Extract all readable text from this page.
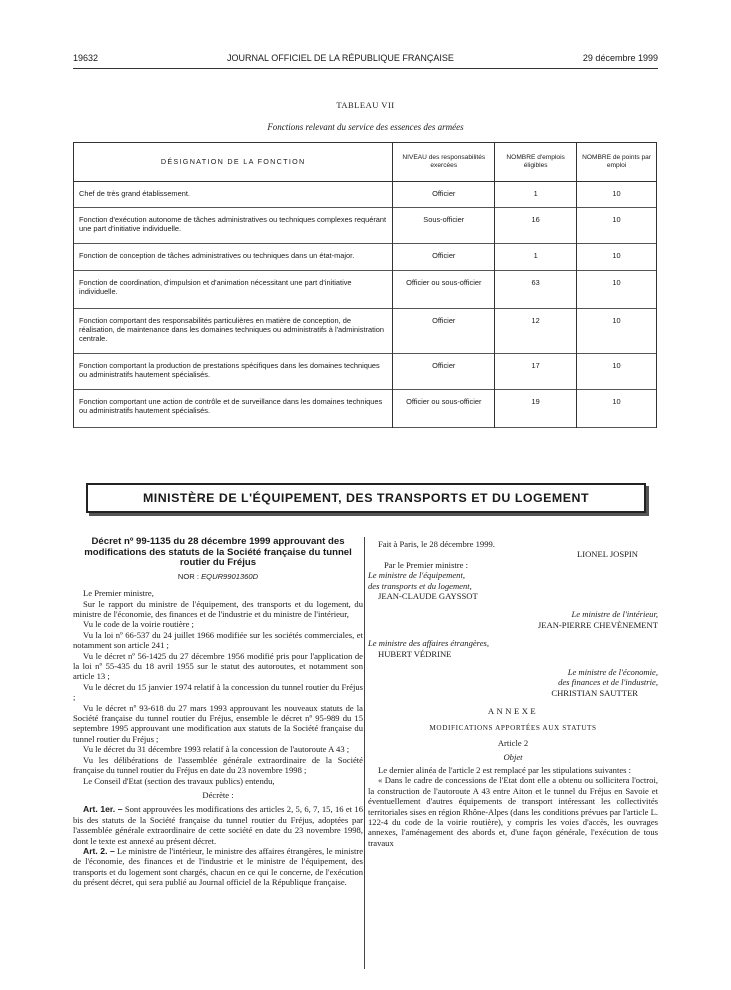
19632	JOURNAL OFFICIEL DE LA RÉPUBLIQUE FRANÇAISE	29 décembre 1999
TABLEAU VII
Fonctions relevant du service des essences des armées
DÉSIGNATION DE LA FONCTION	NIVEAU des responsabilités exercées	NOMBRE d'emplois éligibles	NOMBRE de points par emploi
Chef de très grand établissement.	Officier	1	10
Fonction d'exécution autonome de tâches administratives ou techniques complexes requérant une part d'initiative individuelle.	Sous-officier	16	10
Fonction de conception de tâches administratives ou techniques dans un état-major.	Officier	1	10
Fonction de coordination, d'impulsion et d'animation nécessitant une part d'initiative individuelle.	Officier ou sous-officier	63	10
Fonction comportant des responsabilités particulières en matière de conception, de réalisation, de maintenance dans les domaines techniques ou administratifs à l'administration centrale.	Officier	12	10
Fonction comportant la production de prestations spécifiques dans les domaines techniques ou administratifs hautement spécialisés.	Officier	17	10
Fonction comportant une action de contrôle et de surveillance dans les domaines techniques ou administratifs hautement spécialisés.	Officier ou sous-officier	19	10
MINISTÈRE DE L'ÉQUIPEMENT, DES TRANSPORTS ET DU LOGEMENT

Décret nº 99-1135 du 28 décembre 1999 approuvant des modifications des statuts de la Société française du tunnel routier du Fréjus

NOR : EQUR9901360D

Le Premier ministre,

Sur le rapport du ministre de l'équipement, des transports et du logement, du ministre de l'économie, des finances et de l'industrie et du ministre de l'intérieur,

Vu le code de la voirie routière ;

Vu la loi nº 66-537 du 24 juillet 1966 modifiée sur les sociétés commerciales, et notamment son article 241 ;

Vu le décret nº 56-1425 du 27 décembre 1956 modifié pris pour l'application de la loi nº 55-435 du 18 avril 1955 sur le statut des autoroutes, et notamment son article 13 ;

Vu le décret du 15 janvier 1974 relatif à la concession du tunnel routier du Fréjus ;

Vu le décret nº 93-618 du 27 mars 1993 approuvant les nouveaux statuts de la Société française du tunnel routier du Fréjus, ensemble le décret nº 95-989 du 15 septembre 1995 approuvant une modification aux statuts de la Société française du tunnel routier du Fréjus ;

Vu le décret du 31 décembre 1993 relatif à la concession de l'autoroute A 43 ;

Vu les délibérations de l'assemblée générale extraordinaire de la Société française du tunnel routier du Fréjus en date du 23 novembre 1998 ;

Le Conseil d'Etat (section des travaux publics) entendu,

Décrète :

Art. 1er. – Sont approuvées les modifications des articles 2, 5, 6, 7, 15, 16 et 16 bis des statuts de la Société française du tunnel routier du Fréjus, adoptées par l'assemblée générale extraordinaire de cette société en date du 23 novembre 1998, dont le texte est annexé au présent décret.

Art. 2. – Le ministre de l'intérieur, le ministre des affaires étrangères, le ministre de l'économie, des finances et de l'industrie et le ministre de l'équipement, des transports et du logement sont chargés, chacun en ce qui le concerne, de l'exécution du présent décret, qui sera publié au Journal officiel de la République française.

Fait à Paris, le 28 décembre 1999.

LIONEL JOSPIN

Par le Premier ministre :

Le ministre de l'équipement,

des transports et du logement,

JEAN-CLAUDE GAYSSOT

Le ministre de l'intérieur,

JEAN-PIERRE CHEVÈNEMENT

Le ministre des affaires étrangères,

HUBERT VÉDRINE

Le ministre de l'économie,

des finances et de l'industrie,

CHRISTIAN SAUTTER

ANNEXE

MODIFICATIONS APPORTÉES AUX STATUTS

Article 2

Objet

Le dernier alinéa de l'article 2 est remplacé par les stipulations suivantes :

« Dans le cadre de concessions de l'Etat dont elle a obtenu ou sollicitera l'octroi, la construction de l'autoroute A 43 entre Aiton et le tunnel du Fréjus en Savoie et éventuellement d'autres équipements de transport intéressant les collectivités territoriales sises en région Rhône-Alpes (dans les conditions prévues par l'article L. 122-4 du code de la voirie routière), y compris les voies d'accès, les ouvrages annexes, l'aménagement des abords et, d'une façon générale, l'exécution de tous travaux
